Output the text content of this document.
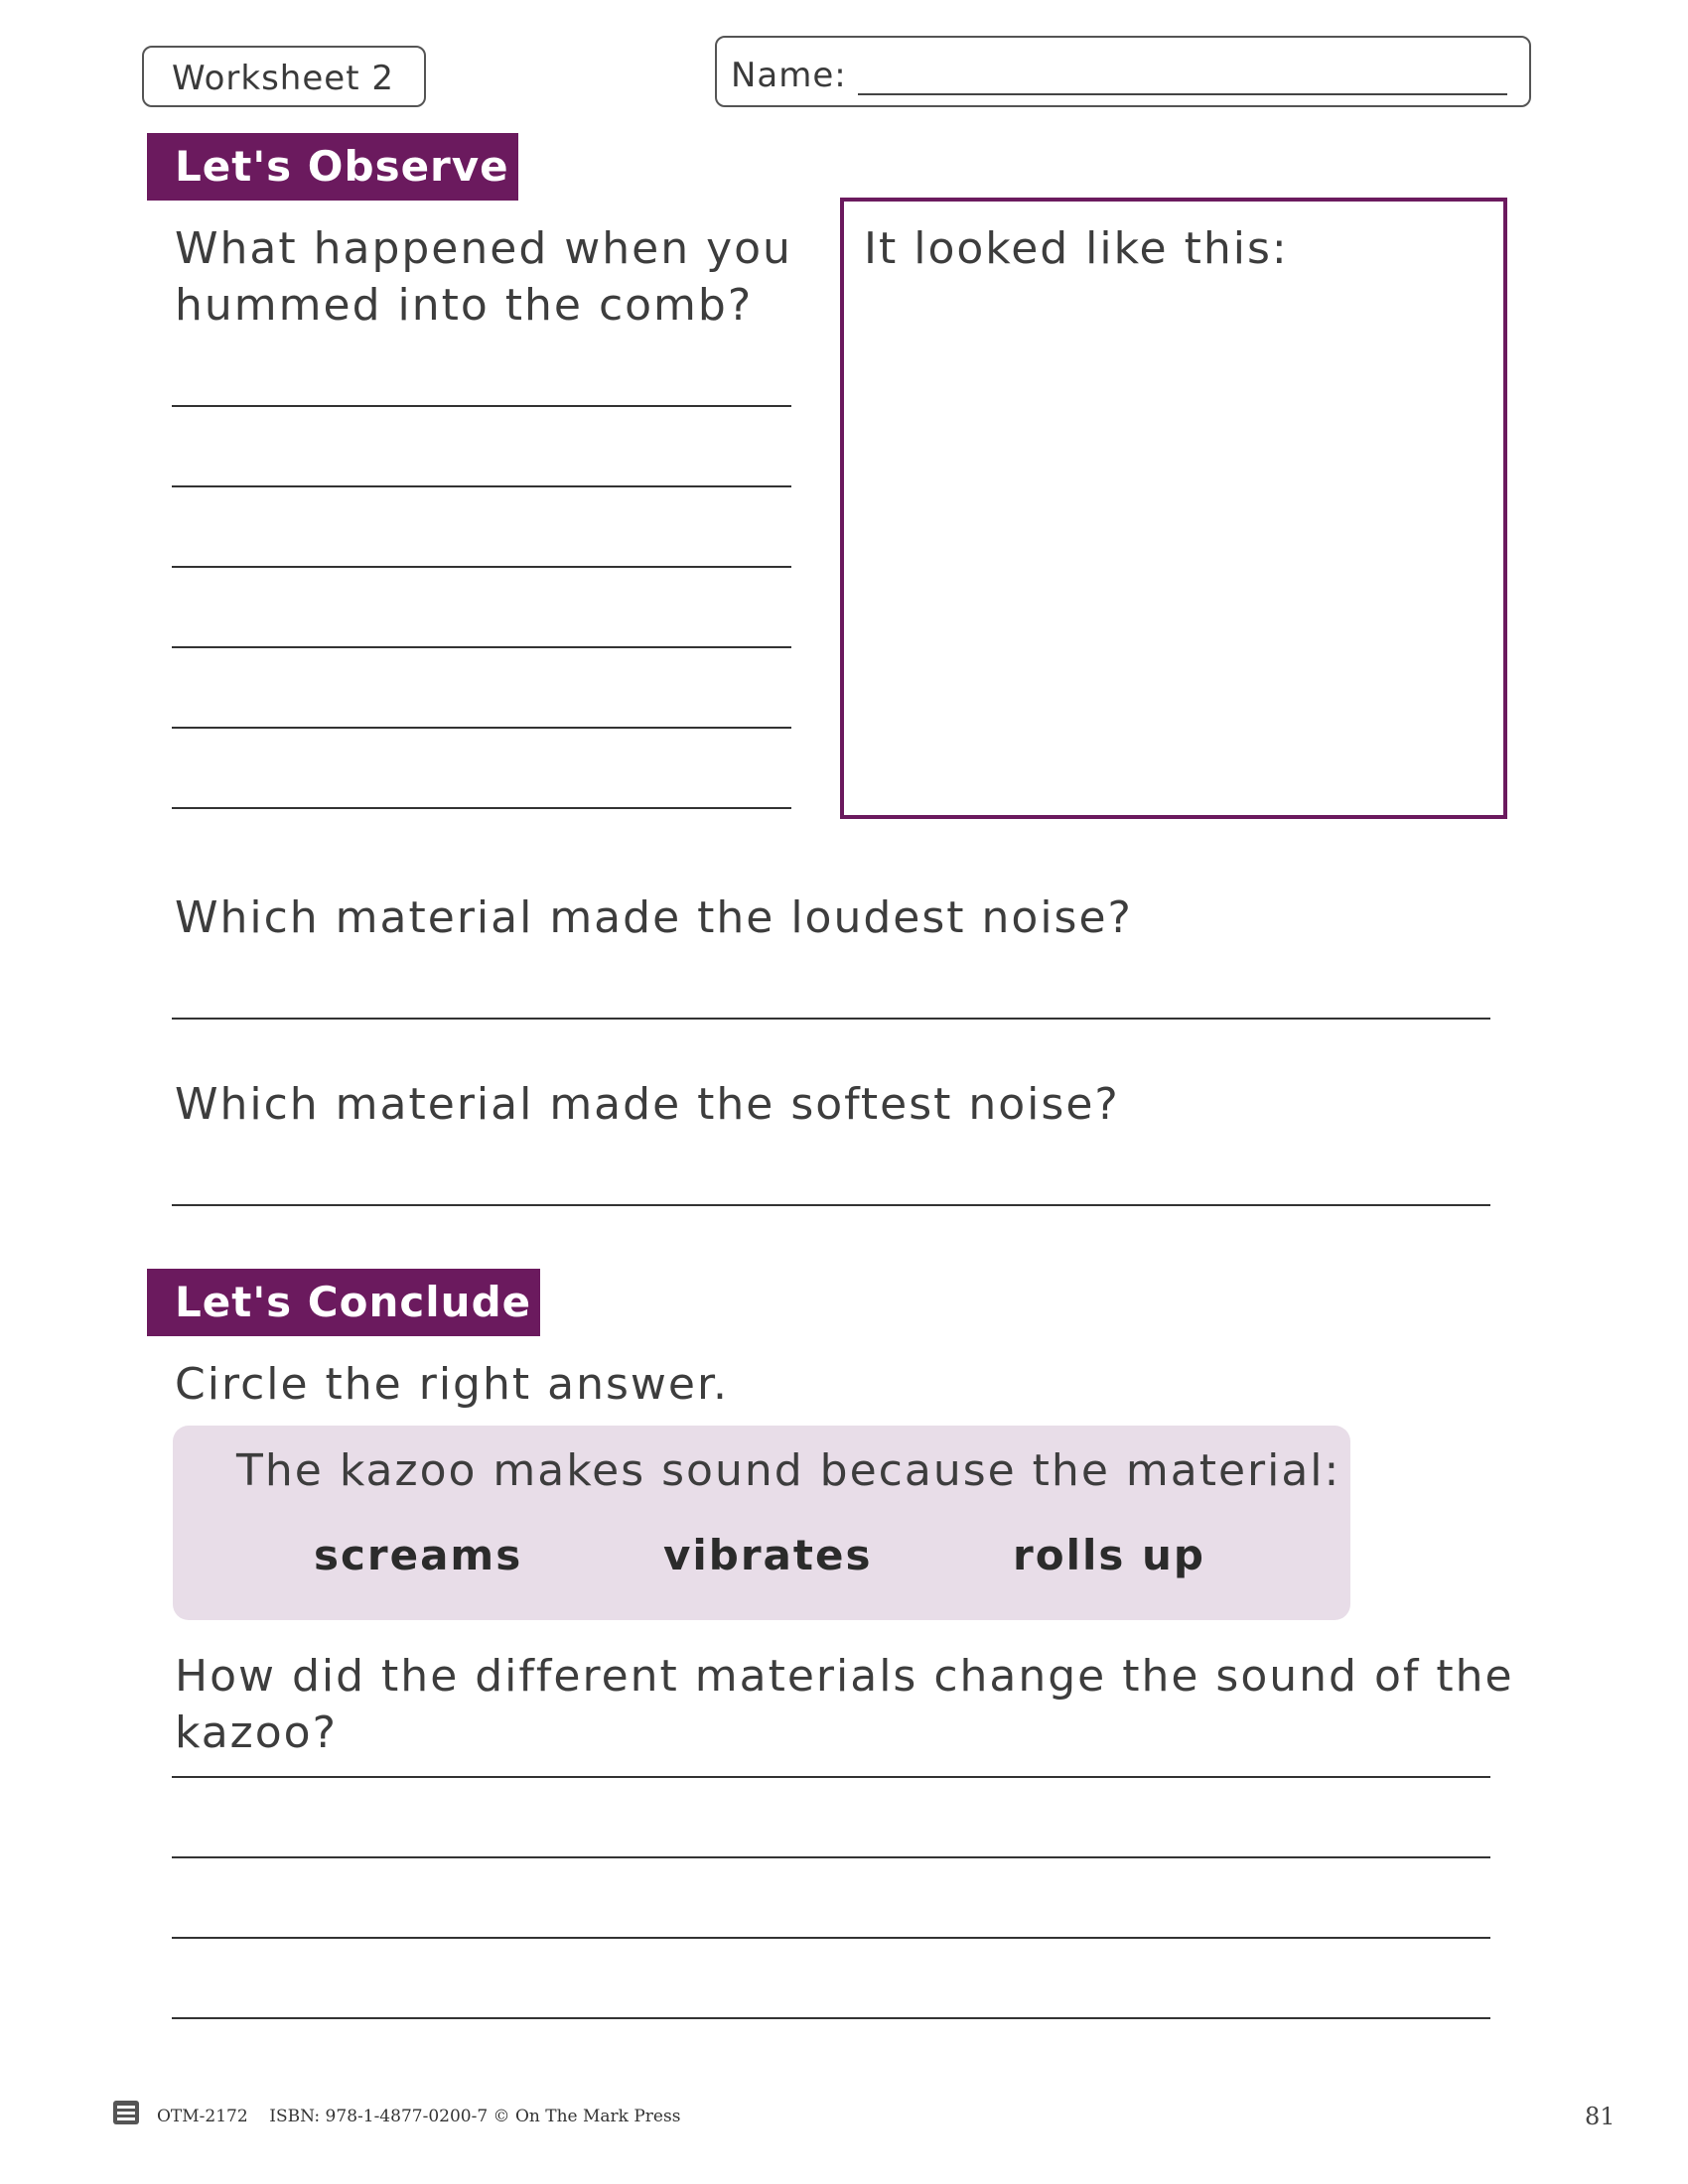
Worksheet 2	Name:
Let's Observe
What happened when you
hummed into the comb?
It looked like this:
Which material made the loudest noise?
Which material made the softest noise?
Let's Conclude
Circle the right answer.
The kazoo makes sound because the material:
screams	vibrates	rolls up
How did the different materials change the sound of the kazoo?
OTM-2172    ISBN: 978-1-4877-0200-7 © On The Mark Press	81
